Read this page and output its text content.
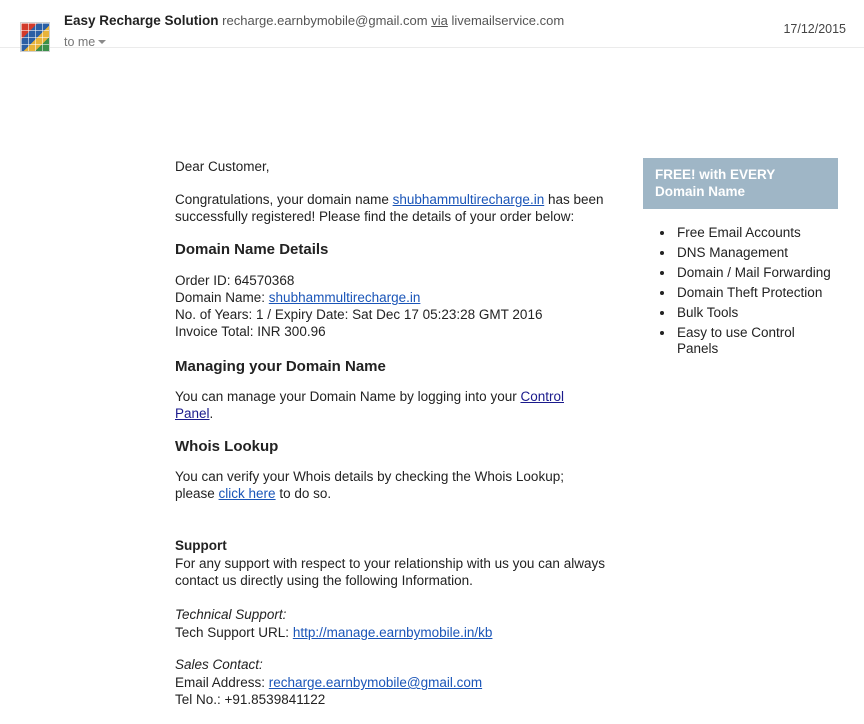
Easy Recharge Solution recharge.earnbymobile@gmail.com via livemailservice.com
to me
17/12/2015

Dear Customer,

Congratulations, your domain name shubhammultirecharge.in has been successfully registered! Please find the details of your order below:

Domain Name Details
Order ID: 64570368
Domain Name: shubhammultirecharge.in
No. of Years: 1 / Expiry Date: Sat Dec 17 05:23:28 GMT 2016
Invoice Total: INR 300.96
Managing your Domain Name

You can manage your Domain Name by logging into your Control Panel.

Whois Lookup

You can verify your Whois details by checking the Whois Lookup; please click here to do so.

Support

For any support with respect to your relationship with us you can always contact us directly using the following Information.

Technical Support:

Tech Support URL: http://manage.earnbymobile.in/kb

Sales Contact:

Email Address: recharge.earnbymobile@gmail.com

Tel No.: +91.8539841122

FREE! with EVERY
Domain Name
• Free Email Accounts
• DNS Management
• Domain / Mail Forwarding
• Domain Theft Protection
• Bulk Tools
• Easy to use Control Panels
